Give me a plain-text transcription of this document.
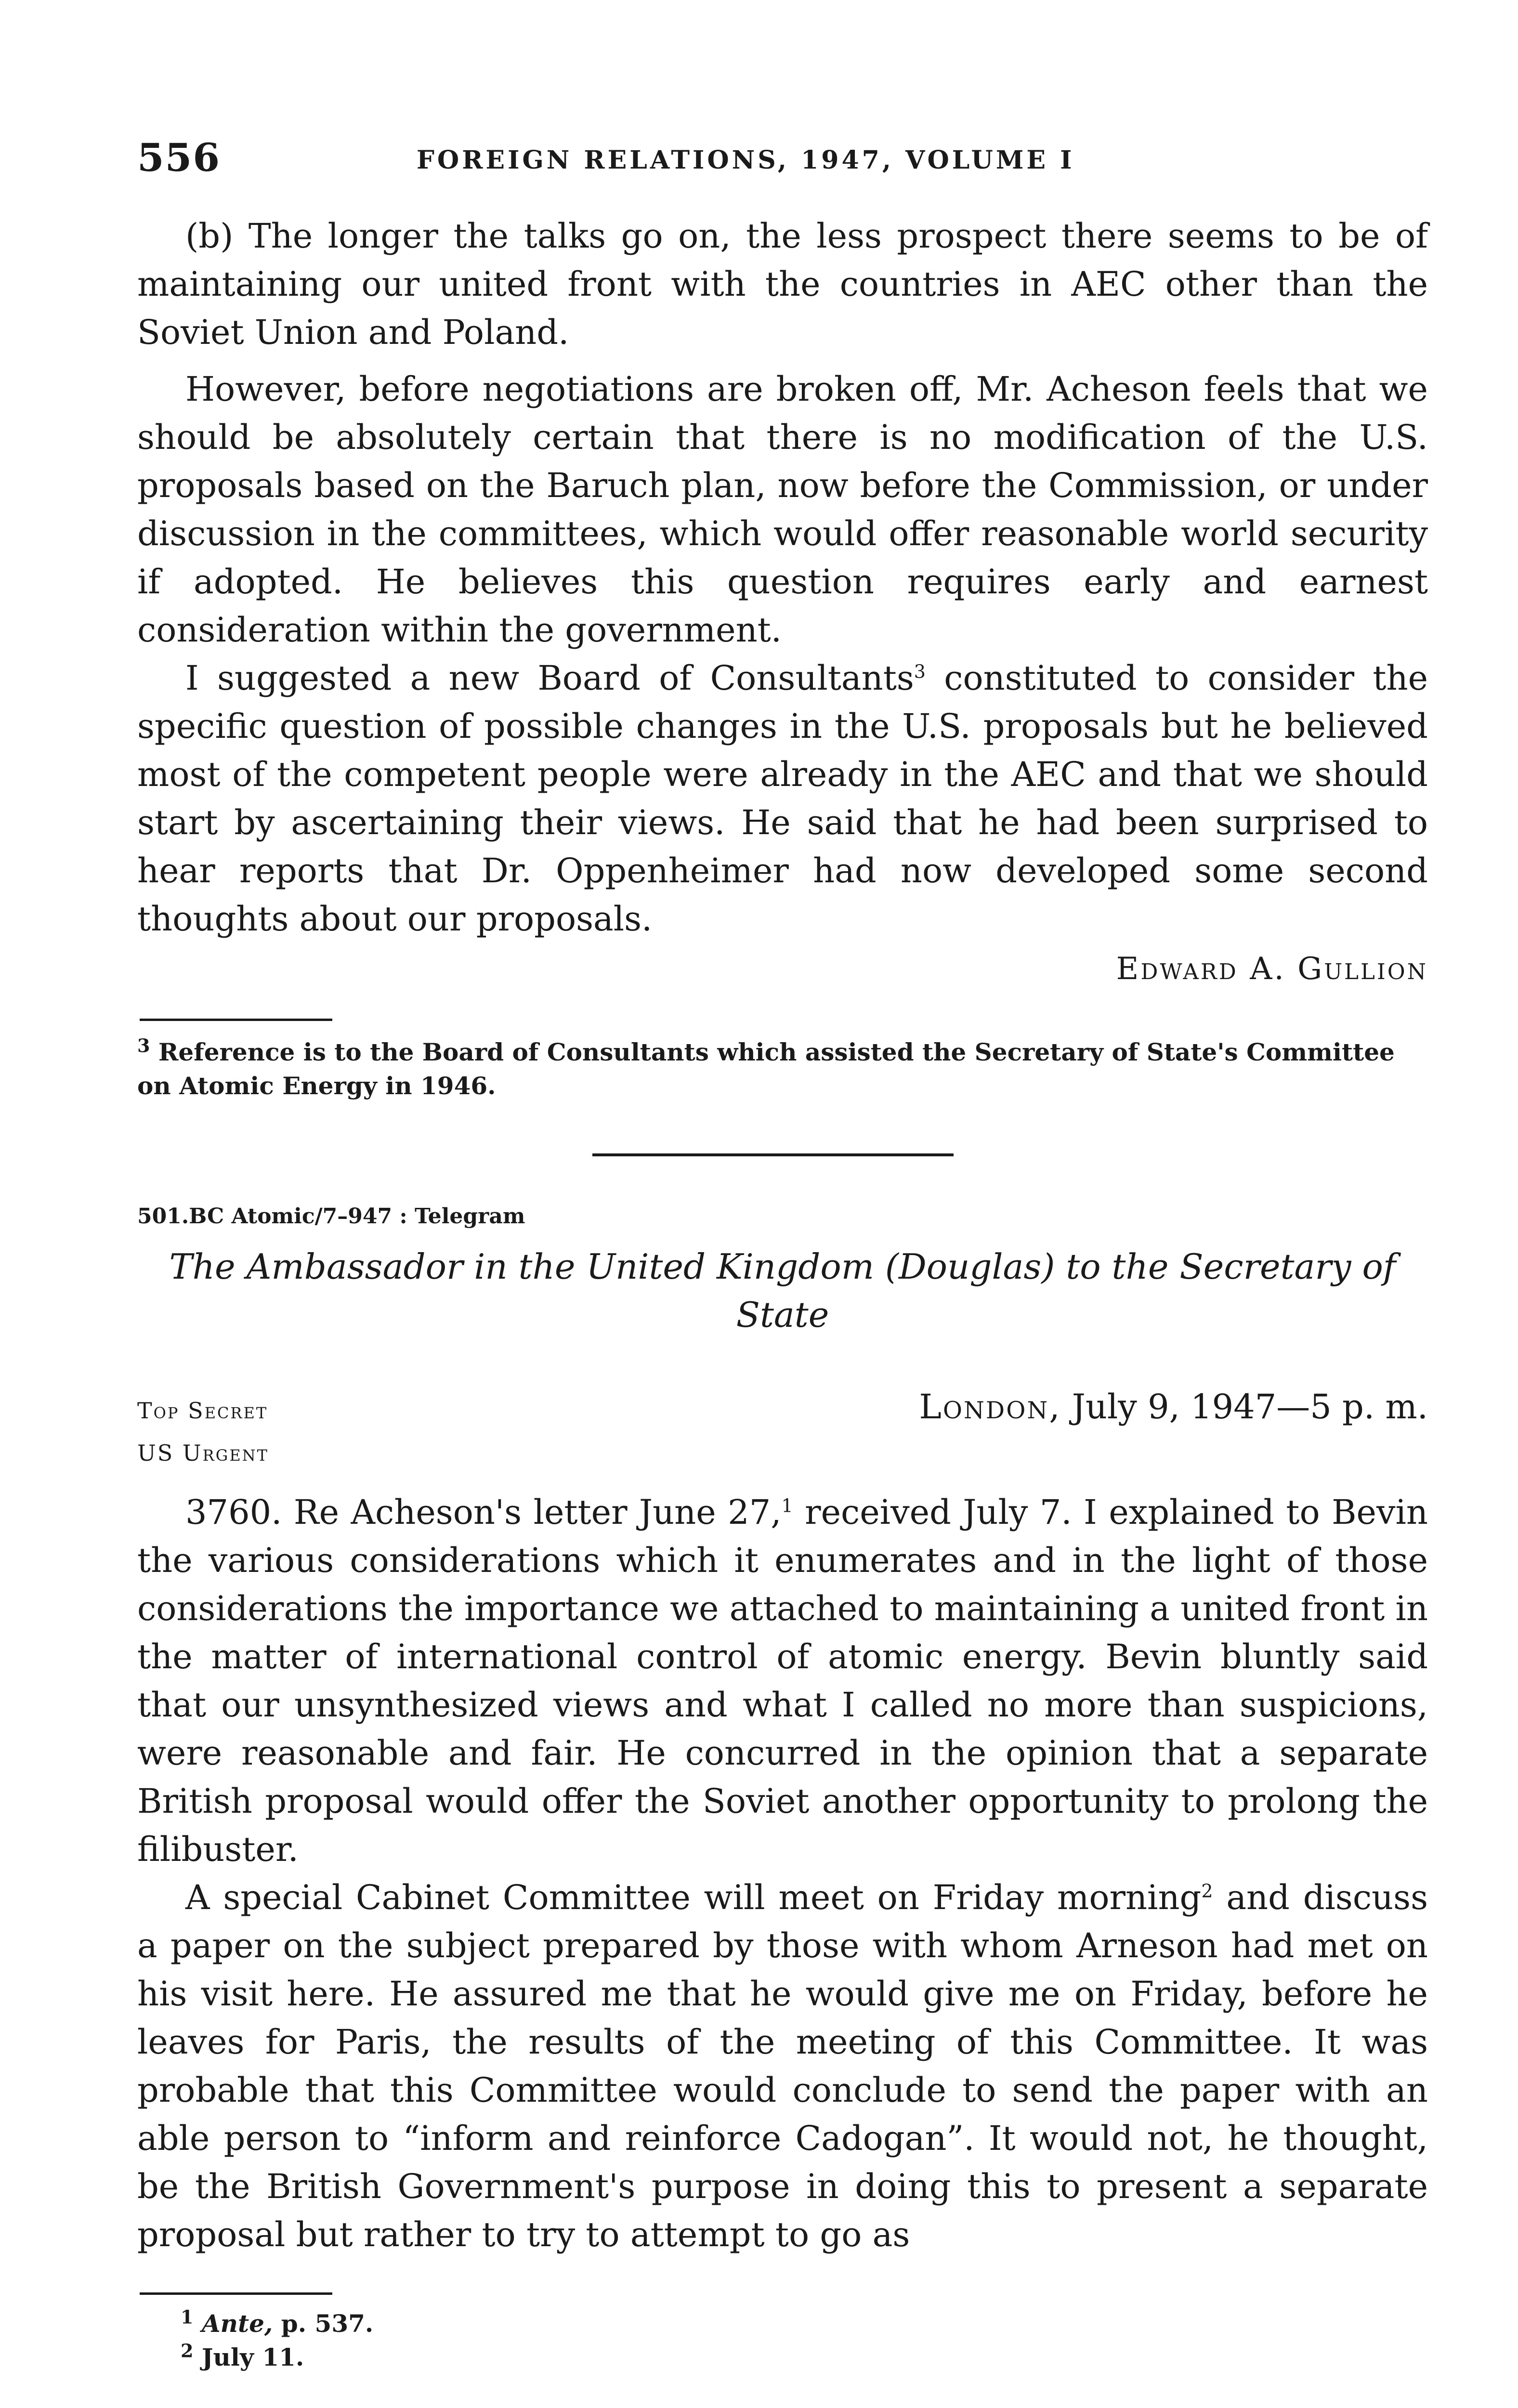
556	FOREIGN RELATIONS, 1947, VOLUME I

(b) The longer the talks go on, the less prospect there seems to be of maintaining our united front with the countries in AEC other than the Soviet Union and Poland.

However, before negotiations are broken off, Mr. Acheson feels that we should be absolutely certain that there is no modification of the U.S. proposals based on the Baruch plan, now before the Commission, or under discussion in the committees, which would offer reasonable world security if adopted. He believes this question requires early and earnest consideration within the government.

I suggested a new Board of Consultants$^3$ constituted to consider the specific question of possible changes in the U.S. proposals but he believed most of the competent people were already in the AEC and that we should start by ascertaining their views. He said that he had been surprised to hear reports that Dr. Oppenheimer had now developed some second thoughts about our proposals.

Edward A. Gullion

$^3$ Reference is to the Board of Consultants which assisted the Secretary of State's Committee on Atomic Energy in 1946.

501.BC Atomic/7–947 : Telegram
The Ambassador in the United Kingdom (Douglas) to the Secretary of State
Top Secret	London, July 9, 1947—5 p. m.
US Urgent

3760. Re Acheson's letter June 27,$^1$ received July 7. I explained to Bevin the various considerations which it enumerates and in the light of those considerations the importance we attached to maintaining a united front in the matter of international control of atomic energy. Bevin bluntly said that our unsynthesized views and what I called no more than suspicions, were reasonable and fair. He concurred in the opinion that a separate British proposal would offer the Soviet another opportunity to prolong the filibuster.

A special Cabinet Committee will meet on Friday morning$^2$ and discuss a paper on the subject prepared by those with whom Arneson had met on his visit here. He assured me that he would give me on Friday, before he leaves for Paris, the results of the meeting of this Committee. It was probable that this Committee would conclude to send the paper with an able person to “inform and reinforce Cadogan”. It would not, he thought, be the British Government's purpose in doing this to present a separate proposal but rather to try to attempt to go as

$^1$ Ante, p. 537.

$^2$ July 11.
